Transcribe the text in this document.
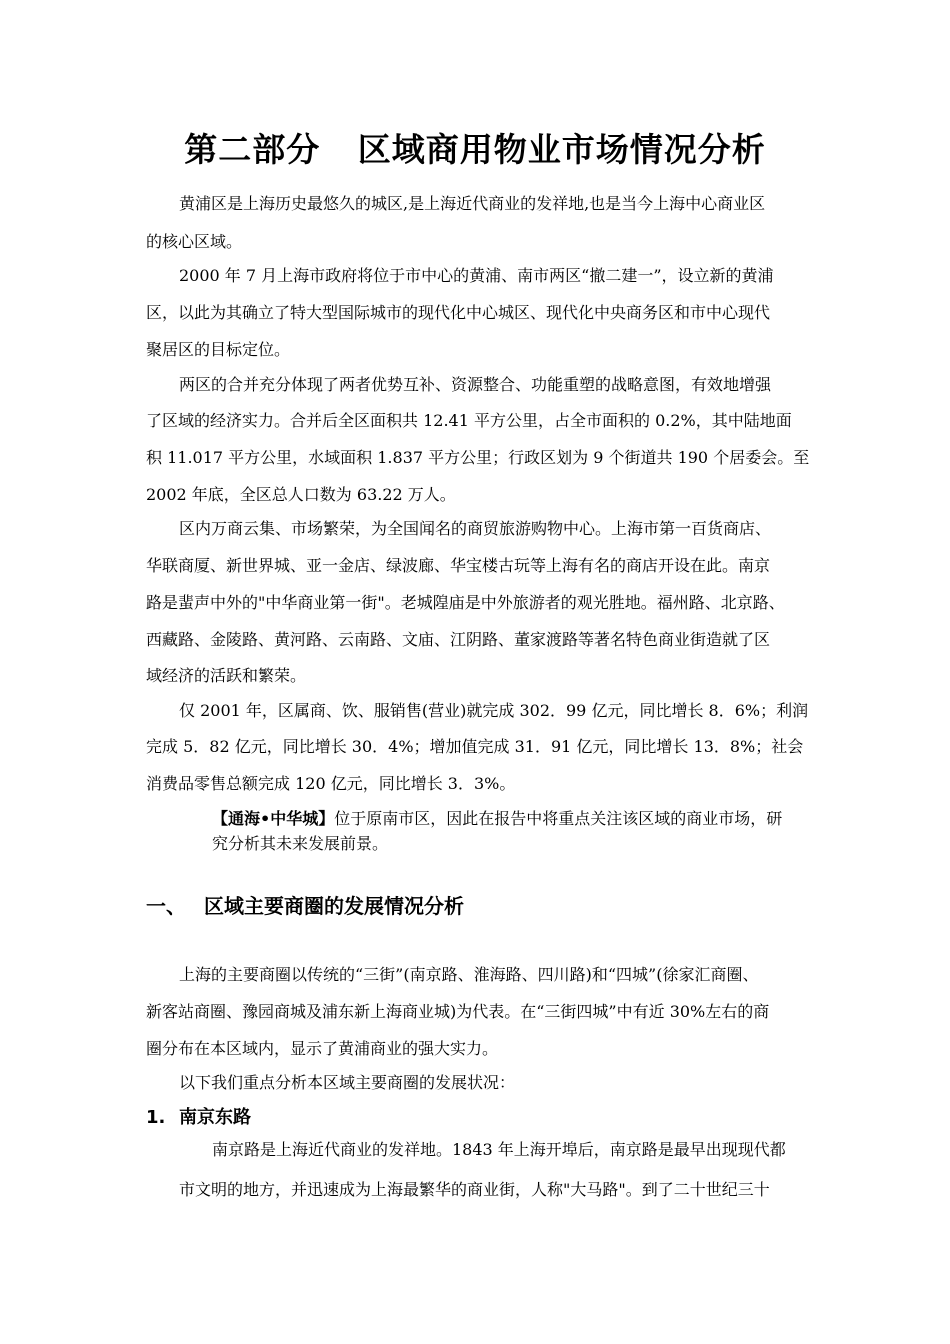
第二部分   区域商用物业市场情况分析
黄浦区是上海历史最悠久的城区,是上海近代商业的发祥地,也是当今上海中心商业区
的核心区域。
2000 年 7 月上海市政府将位于市中心的黄浦、南市两区“撤二建一”，设立新的黄浦
区，以此为其确立了特大型国际城市的现代化中心城区、现代化中央商务区和市中心现代
聚居区的目标定位。
两区的合并充分体现了两者优势互补、资源整合、功能重塑的战略意图，有效地增强
了区域的经济实力。合并后全区面积共 12.41 平方公里，占全市面积的 0.2%，其中陆地面
积 11.017 平方公里，水域面积 1.837 平方公里；行政区划为 9 个街道共 190 个居委会。至
2002 年底，全区总人口数为 63.22 万人。
区内万商云集、市场繁荣，为全国闻名的商贸旅游购物中心。上海市第一百货商店、
华联商厦、新世界城、亚一金店、绿波廊、华宝楼古玩等上海有名的商店开设在此。南京
路是蜚声中外的"中华商业第一街"。老城隍庙是中外旅游者的观光胜地。福州路、北京路、
西藏路、金陵路、黄河路、云南路、文庙、江阴路、董家渡路等著名特色商业街造就了区
域经济的活跃和繁荣。
仅 2001 年，区属商、饮、服销售(营业)就完成 302．99 亿元，同比增长 8．6%；利润
完成 5．82 亿元，同比增长 30．4%；增加值完成 31．91 亿元，同比增长 13．8%；社会
消费品零售总额完成 120 亿元，同比增长 3．3%。
【通海•中华城】位于原南市区，因此在报告中将重点关注该区域的商业市场，研
究分析其未来发展前景。
一、 区域主要商圈的发展情况分析
上海的主要商圈以传统的“三街”(南京路、淮海路、四川路)和“四城”(徐家汇商圈、
新客站商圈、豫园商城及浦东新上海商业城)为代表。在“三街四城”中有近 30%左右的商
圈分布在本区域内，显示了黄浦商业的强大实力。
以下我们重点分析本区域主要商圈的发展状况：
1. 南京东路
南京路是上海近代商业的发祥地。1843 年上海开埠后，南京路是最早出现现代都
市文明的地方，并迅速成为上海最繁华的商业街，人称"大马路"。到了二十世纪三十
